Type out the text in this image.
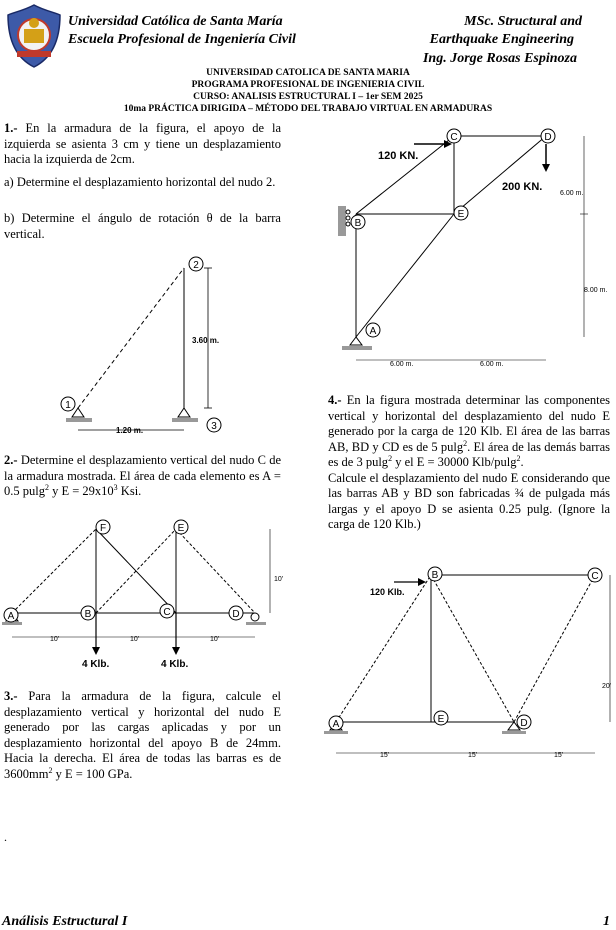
Universidad Católica de Santa María
Escuela Profesional de Ingeniería Civil
MSc. Structural and
Earthquake Engineering
Ing. Jorge Rosas Espinoza
UNIVERSIDAD CATOLICA DE SANTA MARIA
PROGRAMA PROFESIONAL DE INGENIERIA CIVIL
CURSO: ANALISIS ESTRUCTURAL I – 1er SEM 2025
10ma PRÁCTICA DIRIGIDA – MÉTODO DEL TRABAJO VIRTUAL EN ARMADURAS
1.- En la armadura de la figura, el apoyo de la izquierda se asienta 3 cm y tiene un desplazamiento hacia la izquierda de 2cm.
a) Determine el desplazamiento horizontal del nudo 2.
b) Determine el ángulo de rotación θ de la barra vertical.
1
2
3
3.60 m.
1.20 m.
2.- Determine el desplazamiento vertical del nudo C de la armadura mostrada. El área de cada elemento es A = 0.5 pulg$^2$ y $E = 29x10^3$ Ksi.
A	B	C	D
E
F
10'
10'	10'	10'
4 Klb.	4 Klb.
3.- Para la armadura de la figura, calcule el desplazamiento vertical y horizontal del nudo E generado por las cargas aplicadas y por un desplazamiento horizontal del apoyo B de 24mm. Hacia la derecha. El área de todas las barras es de $3600mm^2$ y E = 100 GPa.
A
B
C	D
E
120 KN.
200 KN.
6.00 m.
8.00 m.
6.00 m.	6.00 m.
4.- En la figura mostrada determinar las componentes vertical y horizontal del desplazamiento del nudo E generado por la carga de 120 Klb. El área de las barras AB, BD y CD es de 5 pulg$^2$. El área de las demás barras es de 3 pulg$^2$ y el E = 30000 Klb/pulg$^2$.
Calcule el desplazamiento del nudo E considerando que las barras AB y BD son fabricadas ¾ de pulgada más largas y el apoyo D se asienta 0.25 pulg. (Ignore la carga de 120 Klb.)
A
B	C
D
E
120 Klb.
20'
15'	15'	15'
.
Análisis Estructural I	1
